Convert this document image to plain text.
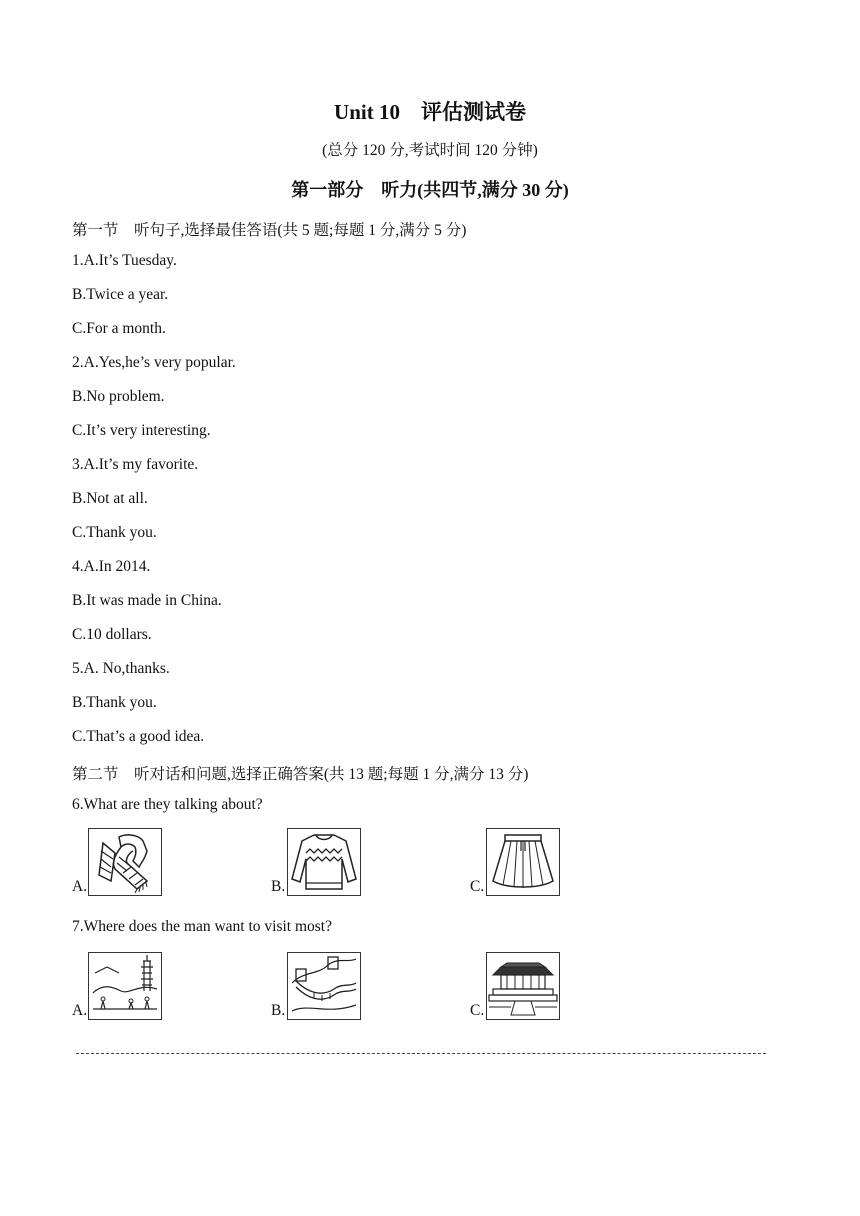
Unit 10　评估测试卷
(总分 120 分,考试时间 120 分钟)
第一部分　听力(共四节,满分 30 分)
第一节　听句子,选择最佳答语(共 5 题;每题 1 分,满分 5 分)
1.A.It’s Tuesday.
B.Twice a year.
C.For a month.
2.A.Yes,he’s very popular.
B.No problem.
C.It’s very interesting.
3.A.It’s my favorite.
B.Not at all.
C.Thank you.
4.A.In 2014.
B.It was made in China.
C.10 dollars.
5.A. No,thanks.
B.Thank you.
C.That’s a good idea.
第二节　听对话和问题,选择正确答案(共 13 题;每题 1 分,满分 13 分)
6.What are they talking about?
A.	B.	C.
7.Where does the man want to visit most?
A.	B.	C.
